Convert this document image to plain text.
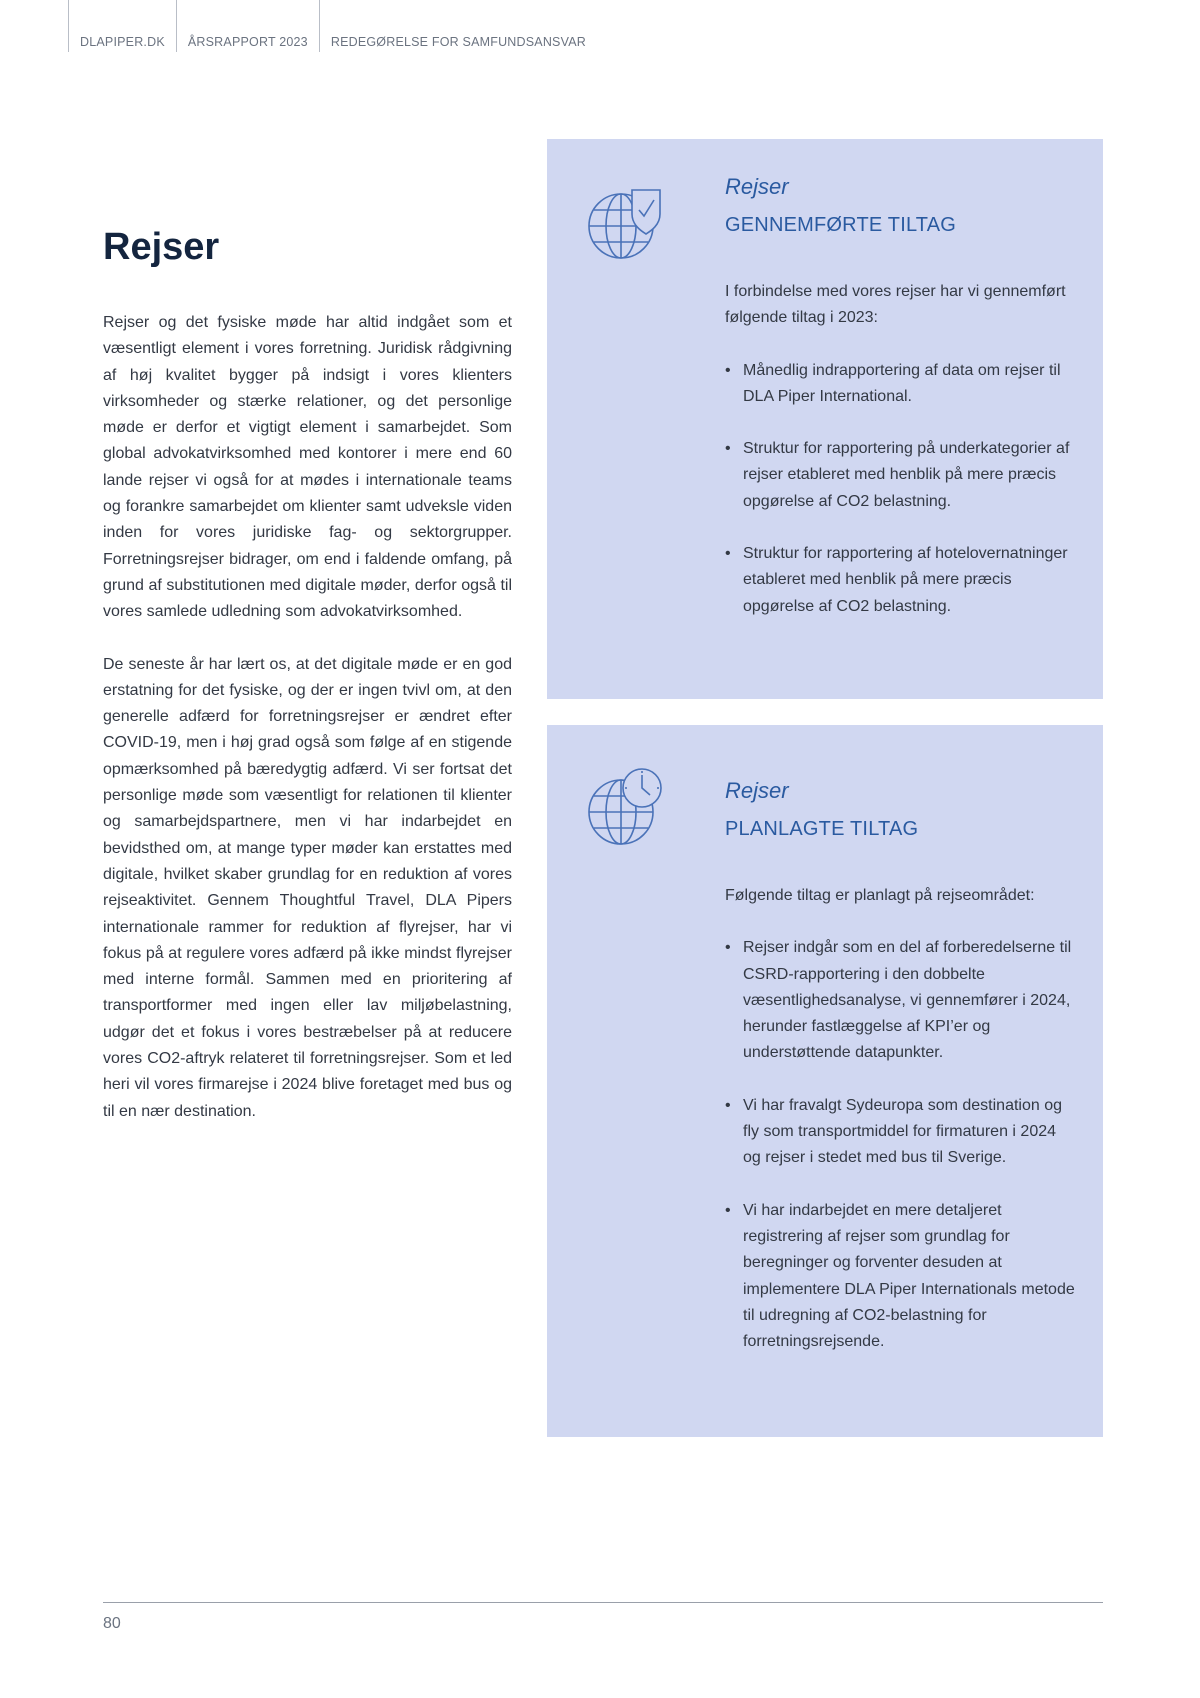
DLAPIPER.DK ÅRSRAPPORT 2023 REDEGØRELSE FOR SAMFUNDSANSVAR
Rejser

Rejser og det fysiske møde har altid indgået som et væsentligt element i vores forretning. Juridisk rådgivning af høj kvalitet bygger på indsigt i vores klienters virksomheder og stærke relationer, og det personlige møde er derfor et vigtigt element i samarbejdet. Som global advokatvirksomhed med kontorer i mere end 60 lande rejser vi også for at mødes i internationale teams og forankre samarbejdet om klienter samt udveksle viden inden for vores juridiske fag- og sektorgrupper. Forretningsrejser bidrager, om end i faldende omfang, på grund af substitutionen med digitale møder, derfor også til vores samlede udledning som advokatvirksomhed.

De seneste år har lært os, at det digitale møde er en god erstatning for det fysiske, og der er ingen tvivl om, at den generelle adfærd for forretningsrejser er ændret efter COVID-19, men i høj grad også som følge af en stigende opmærksomhed på bæredygtig adfærd. Vi ser fortsat det personlige møde som væsentligt for relationen til klienter og samarbejdspartnere, men vi har indarbejdet en bevidsthed om, at mange typer møder kan erstattes med digitale, hvilket skaber grundlag for en reduktion af vores rejseaktivitet. Gennem Thoughtful Travel, DLA Pipers internationale rammer for reduktion af flyrejser, har vi fokus på at regulere vores adfærd på ikke mindst flyrejser med interne formål. Sammen med en prioritering af transportformer med ingen eller lav miljøbelastning, udgør det et fokus i vores bestræbelser på at reducere vores CO2-aftryk relateret til forretningsrejser. Som et led heri vil vores firmarejse i 2024 blive foretaget med bus og til en nær destination.

Rejser

GENNEMFØRTE TILTAG

I forbindelse med vores rejser har vi gennemført følgende tiltag i 2023:

• Månedlig indrapportering af data om rejser til DLA Piper International.
• Struktur for rapportering på underkategorier af rejser etableret med henblik på mere præcis opgørelse af CO2 belastning.
• Struktur for rapportering af hotelovernatninger etableret med henblik på mere præcis opgørelse af CO2 belastning.

Rejser

PLANLAGTE TILTAG

Følgende tiltag er planlagt på rejseområdet:

• Rejser indgår som en del af forberedelserne til CSRD-rapportering i den dobbelte væsentlighedsanalyse, vi gennemfører i 2024, herunder fastlæggelse af KPI’er og understøttende datapunkter.
• Vi har fravalgt Sydeuropa som destination og fly som transportmiddel for firmaturen i 2024 og rejser i stedet med bus til Sverige.
• Vi har indarbejdet en mere detaljeret registrering af rejser som grundlag for beregninger og forventer desuden at implementere DLA Piper Internationals metode til udregning af CO2-belastning for forretningsrejsende.
80
